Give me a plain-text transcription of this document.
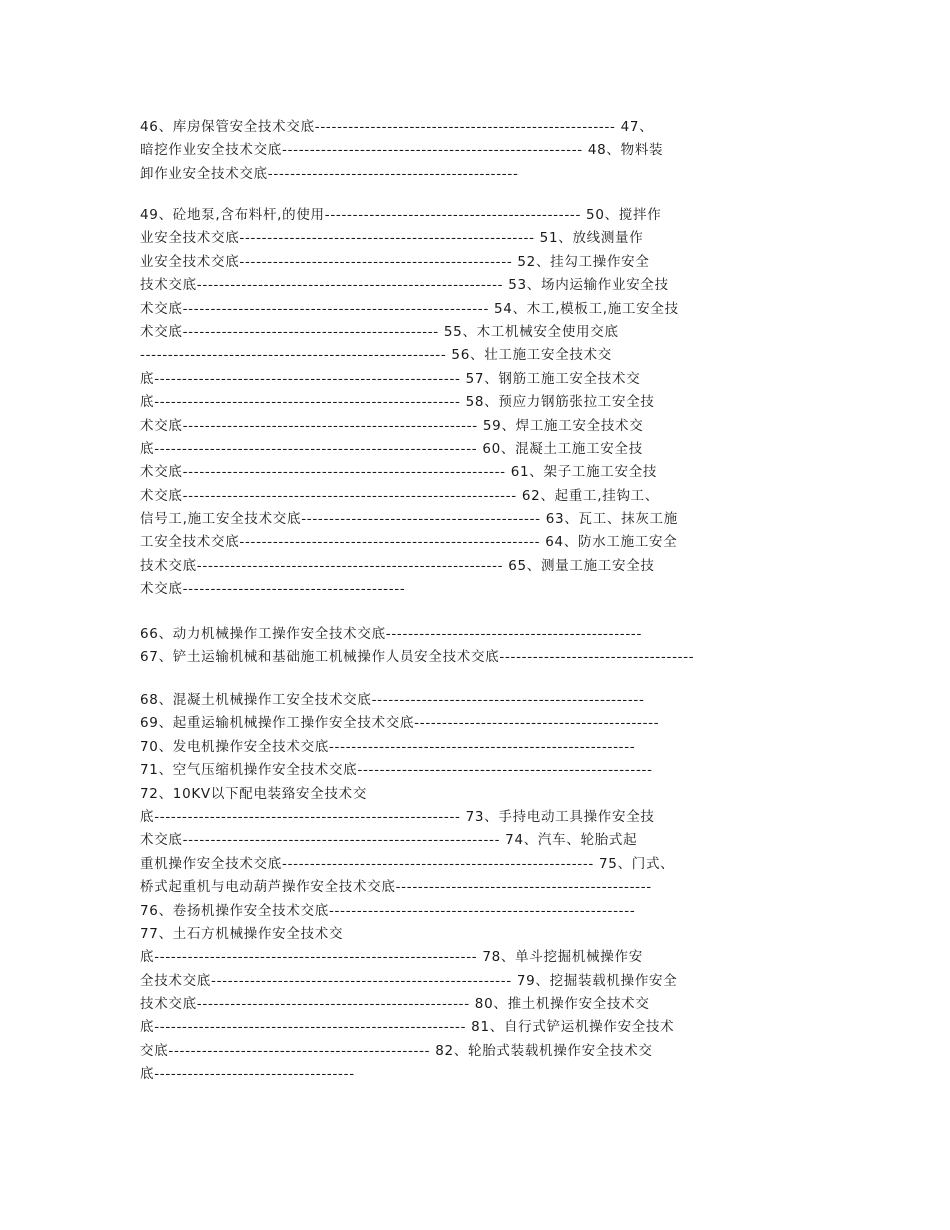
46、库房保管安全技术交底------------------------------------------------------ 47、
暗挖作业安全技术交底------------------------------------------------------ 48、物料装
卸作业安全技术交底---------------------------------------------
49、砼地泵,含布料杆,的使用---------------------------------------------- 50、搅拌作
业安全技术交底----------------------------------------------------- 51、放线测量作
业安全技术交底------------------------------------------------- 52、挂勾工操作安全
技术交底------------------------------------------------------- 53、场内运输作业安全技
术交底------------------------------------------------------- 54、木工,模板工,施工安全技
术交底---------------------------------------------- 55、木工机械安全使用交底
------------------------------------------------------- 56、壮工施工安全技术交
底------------------------------------------------------- 57、钢筋工施工安全技术交
底------------------------------------------------------- 58、预应力钢筋张拉工安全技
术交底----------------------------------------------------- 59、焊工施工安全技术交
底---------------------------------------------------------- 60、混凝土工施工安全技
术交底---------------------------------------------------------- 61、架子工施工安全技
术交底------------------------------------------------------------ 62、起重工,挂钩工、
信号工,施工安全技术交底------------------------------------------- 63、瓦工、抹灰工施
工安全技术交底------------------------------------------------------ 64、防水工施工安全
技术交底------------------------------------------------------- 65、测量工施工安全技
术交底----------------------------------------
66、动力机械操作工操作安全技术交底----------------------------------------------
67、铲土运输机械和基础施工机械操作人员安全技术交底-----------------------------------
68、混凝土机械操作工安全技术交底-------------------------------------------------
69、起重运输机械操作工操作安全技术交底--------------------------------------------
70、发电机操作安全技术交底-------------------------------------------------------
71、空气压缩机操作安全技术交底-----------------------------------------------------
72、10KV以下配电装臵安全技术交
底------------------------------------------------------- 73、手持电动工具操作安全技
术交底--------------------------------------------------------- 74、汽车、轮胎式起
重机操作安全技术交底-------------------------------------------------------- 75、门式、
桥式起重机与电动葫芦操作安全技术交底----------------------------------------------
76、卷扬机操作安全技术交底-------------------------------------------------------
77、土石方机械操作安全技术交
底---------------------------------------------------------- 78、单斗挖掘机械操作安
全技术交底------------------------------------------------------ 79、挖掘装载机操作安全
技术交底------------------------------------------------- 80、推土机操作安全技术交
底-------------------------------------------------------- 81、自行式铲运机操作安全技术
交底----------------------------------------------- 82、轮胎式装载机操作安全技术交
底------------------------------------
